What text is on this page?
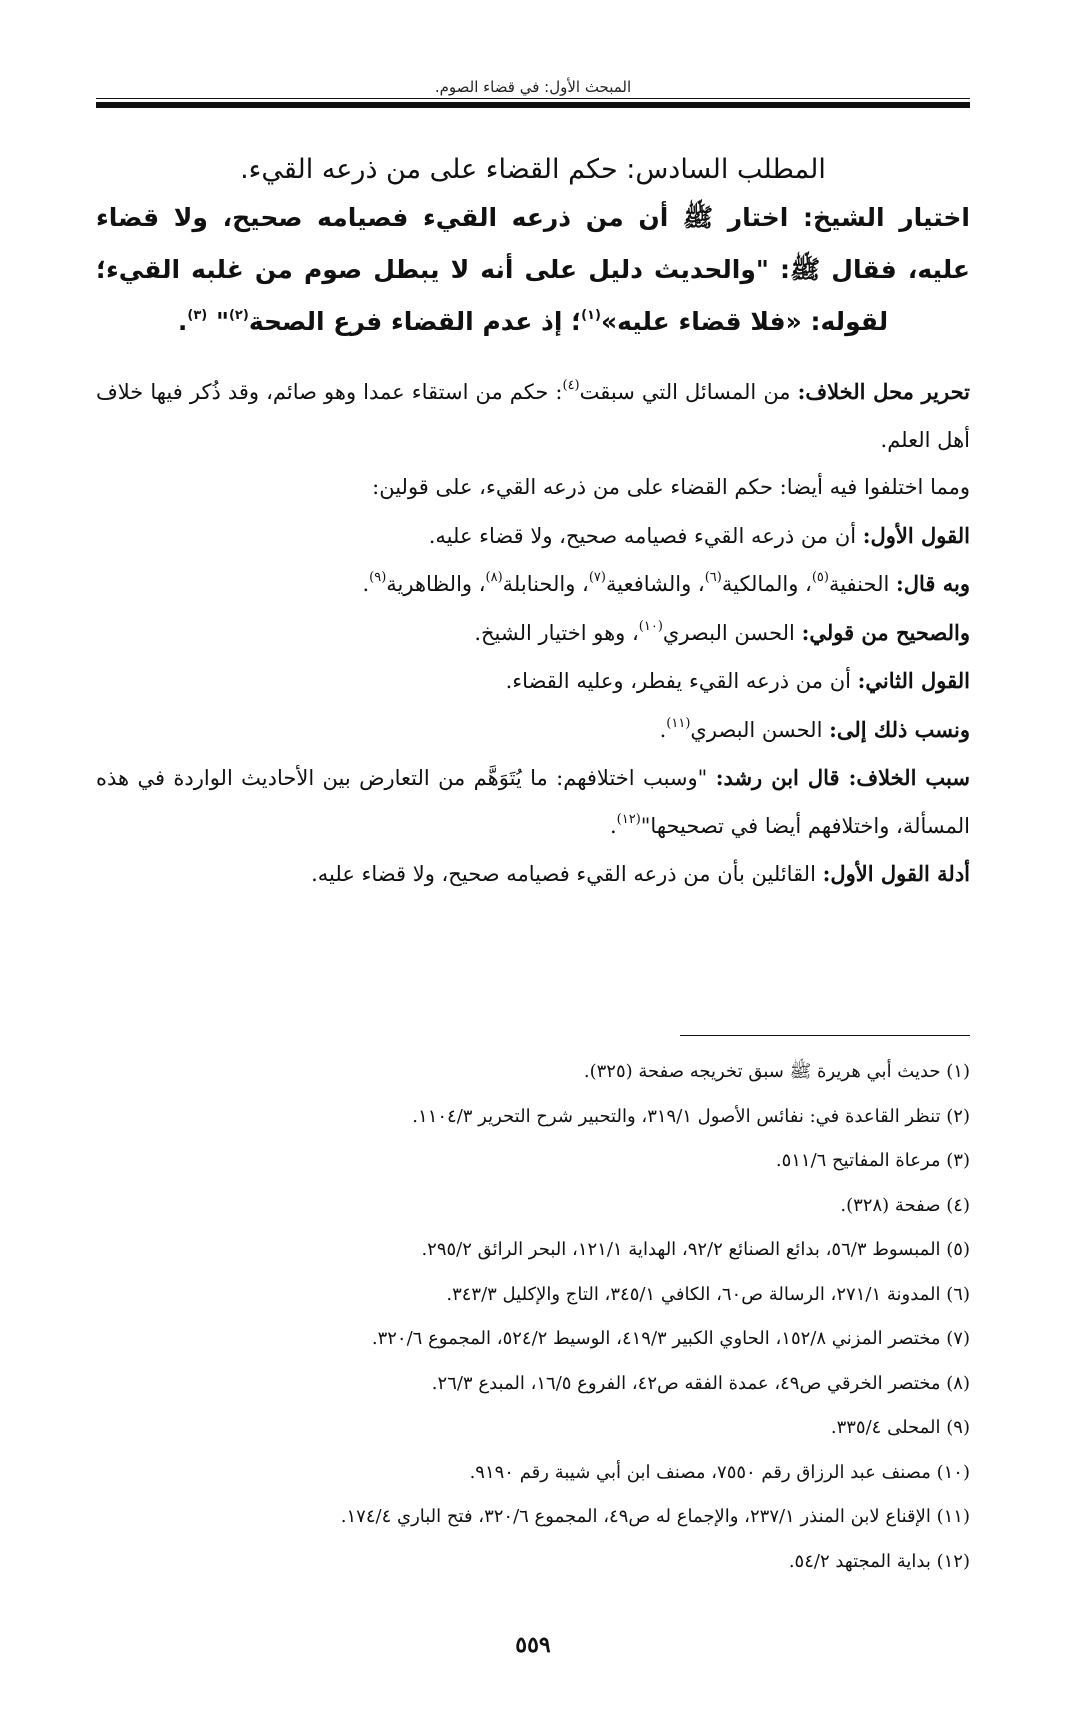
المبحث الأول: في قضاء الصوم.
المطلب السادس: حكم القضاء على من ذرعه القيء.
اختيار الشيخ: اختار ﷺ أن من ذرعه القيء فصيامه صحيح، ولا قضاء عليه، فقال ﷺ: "والحديث دليل على أنه لا يبطل صوم من غلبه القيء؛ لقوله: «فلا قضاء عليه»$^{(١)}$؛ إذ عدم القضاء فرع الصحة$^{(٢)}$" $^{(٣)}$.

تحرير محل الخلاف: من المسائل التي سبقت$^{(٤)}$: حكم من استقاء عمدا وهو صائم، وقد ذُكر فيها خلاف أهل العلم.

ومما اختلفوا فيه أيضا: حكم القضاء على من ذرعه القيء، على قولين:

القول الأول: أن من ذرعه القيء فصيامه صحيح، ولا قضاء عليه.

وبه قال: الحنفية$^{(٥)}$، والمالكية$^{(٦)}$، والشافعية$^{(٧)}$، والحنابلة$^{(٨)}$، والظاهرية$^{(٩)}$.

والصحيح من قولي: الحسن البصري$^{(١٠)}$، وهو اختيار الشيخ.

القول الثاني: أن من ذرعه القيء يفطر، وعليه القضاء.

ونسب ذلك إلى: الحسن البصري$^{(١١)}$.

سبب الخلاف: قال ابن رشد: "وسبب اختلافهم: ما يُتَوَهَّم من التعارض بين الأحاديث الواردة في هذه المسألة، واختلافهم أيضا في تصحيحها"$^{(١٢)}$.

أدلة القول الأول: القائلين بأن من ذرعه القيء فصيامه صحيح، ولا قضاء عليه.

(١) حديث أبي هريرة ﷺ سبق تخريجه صفحة (٣٢٥).

(٢) تنظر القاعدة في: نفائس الأصول ٣١٩/١، والتحبير شرح التحرير ١١٠٤/٣.

(٣) مرعاة المفاتيح ٥١١/٦.

(٤) صفحة (٣٢٨).

(٥) المبسوط ٥٦/٣، بدائع الصنائع ٩٢/٢، الهداية ١٢١/١، البحر الرائق ٢٩٥/٢.

(٦) المدونة ٢٧١/١، الرسالة ص٦٠، الكافي ٣٤٥/١، التاج والإكليل ٣٤٣/٣.

(٧) مختصر المزني ١٥٢/٨، الحاوي الكبير ٤١٩/٣، الوسيط ٥٢٤/٢، المجموع ٣٢٠/٦.

(٨) مختصر الخرقي ص٤٩، عمدة الفقه ص٤٢، الفروع ١٦/٥، المبدع ٢٦/٣.

(٩) المحلى ٣٣٥/٤.

(١٠) مصنف عبد الرزاق رقم ٧٥٥٠، مصنف ابن أبي شيبة رقم ٩١٩٠.

(١١) الإقناع لابن المنذر ٢٣٧/١، والإجماع له ص٤٩، المجموع ٣٢٠/٦، فتح الباري ١٧٤/٤.

(١٢) بداية المجتهد ٥٤/٢.

٥٥٩
